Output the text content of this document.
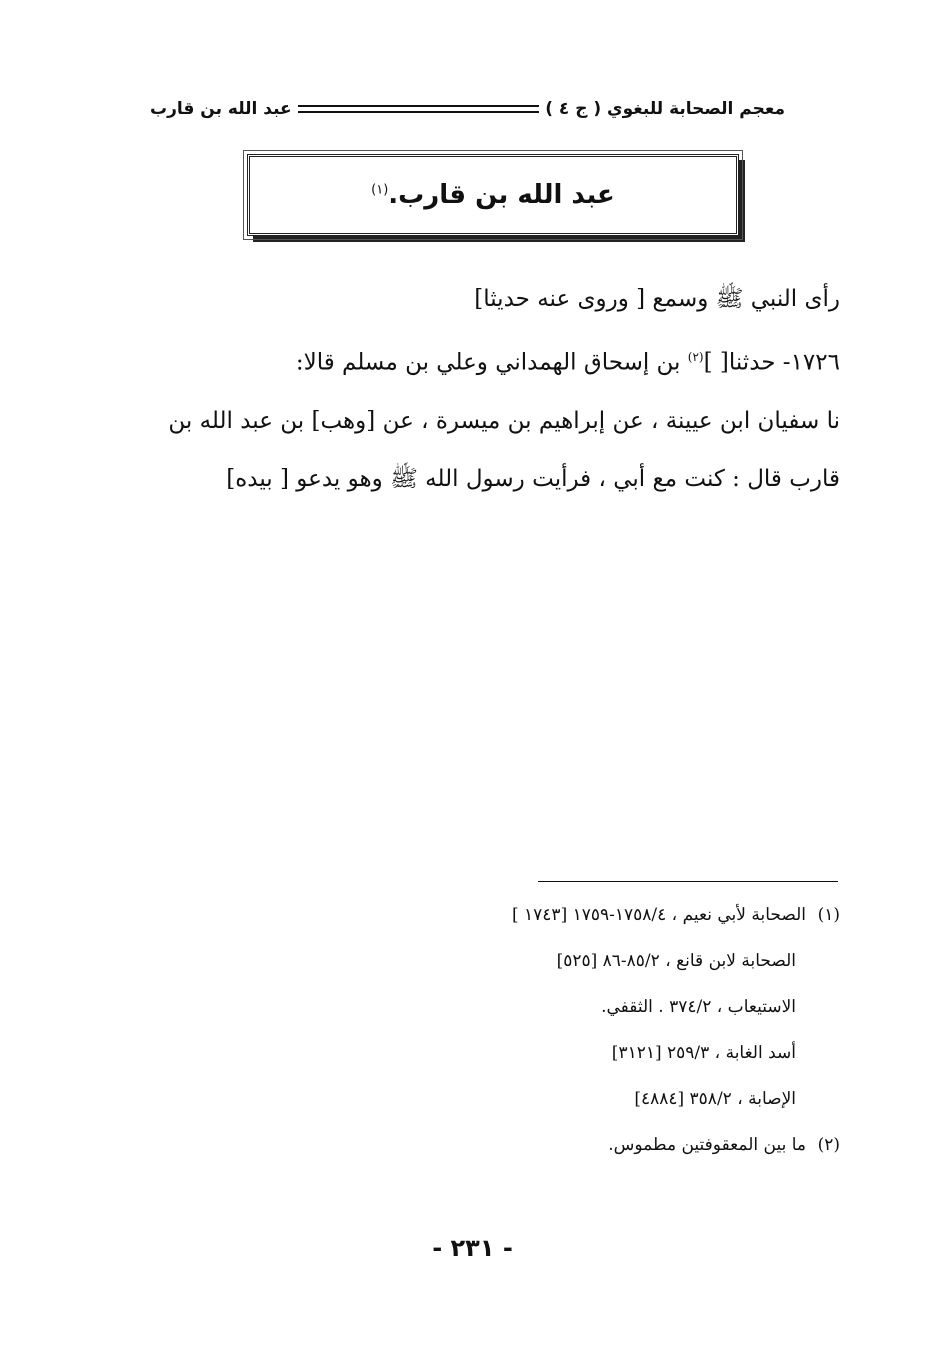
معجم الصحابة للبغوي ( ج ٤ )
عبد الله بن قارب
عبد الله بن قارب.$^{(١)}$

رأى النبي ﷺ وسمع [ وروى عنه حديثا]

١٧٢٦- حدثنا[ ]$^{(٢)}$ بن إسحاق الهمداني وعلي بن مسلم قالا:

نا سفيان ابن عيينة ، عن إبراهيم بن ميسرة ، عن [وهب] بن عبد الله بن

قارب قال : كنت مع أبي ، فرأيت رسول الله ﷺ وهو يدعو [ بيده]

(١)
الصحابة لأبي نعيم ، ١٧٥٨/٤-١٧٥٩ [١٧٤٣ ]
الصحابة لابن قانع ، ٨٥/٢-٨٦ [٥٢٥]
الاستيعاب ، ٣٧٤/٢ . الثقفي.
أسد الغابة ، ٢٥٩/٣ [٣١٢١]
الإصابة ، ٣٥٨/٢ [٤٨٨٤]
(٢)
ما بين المعقوفتين مطموس.
- ٢٣١ -
